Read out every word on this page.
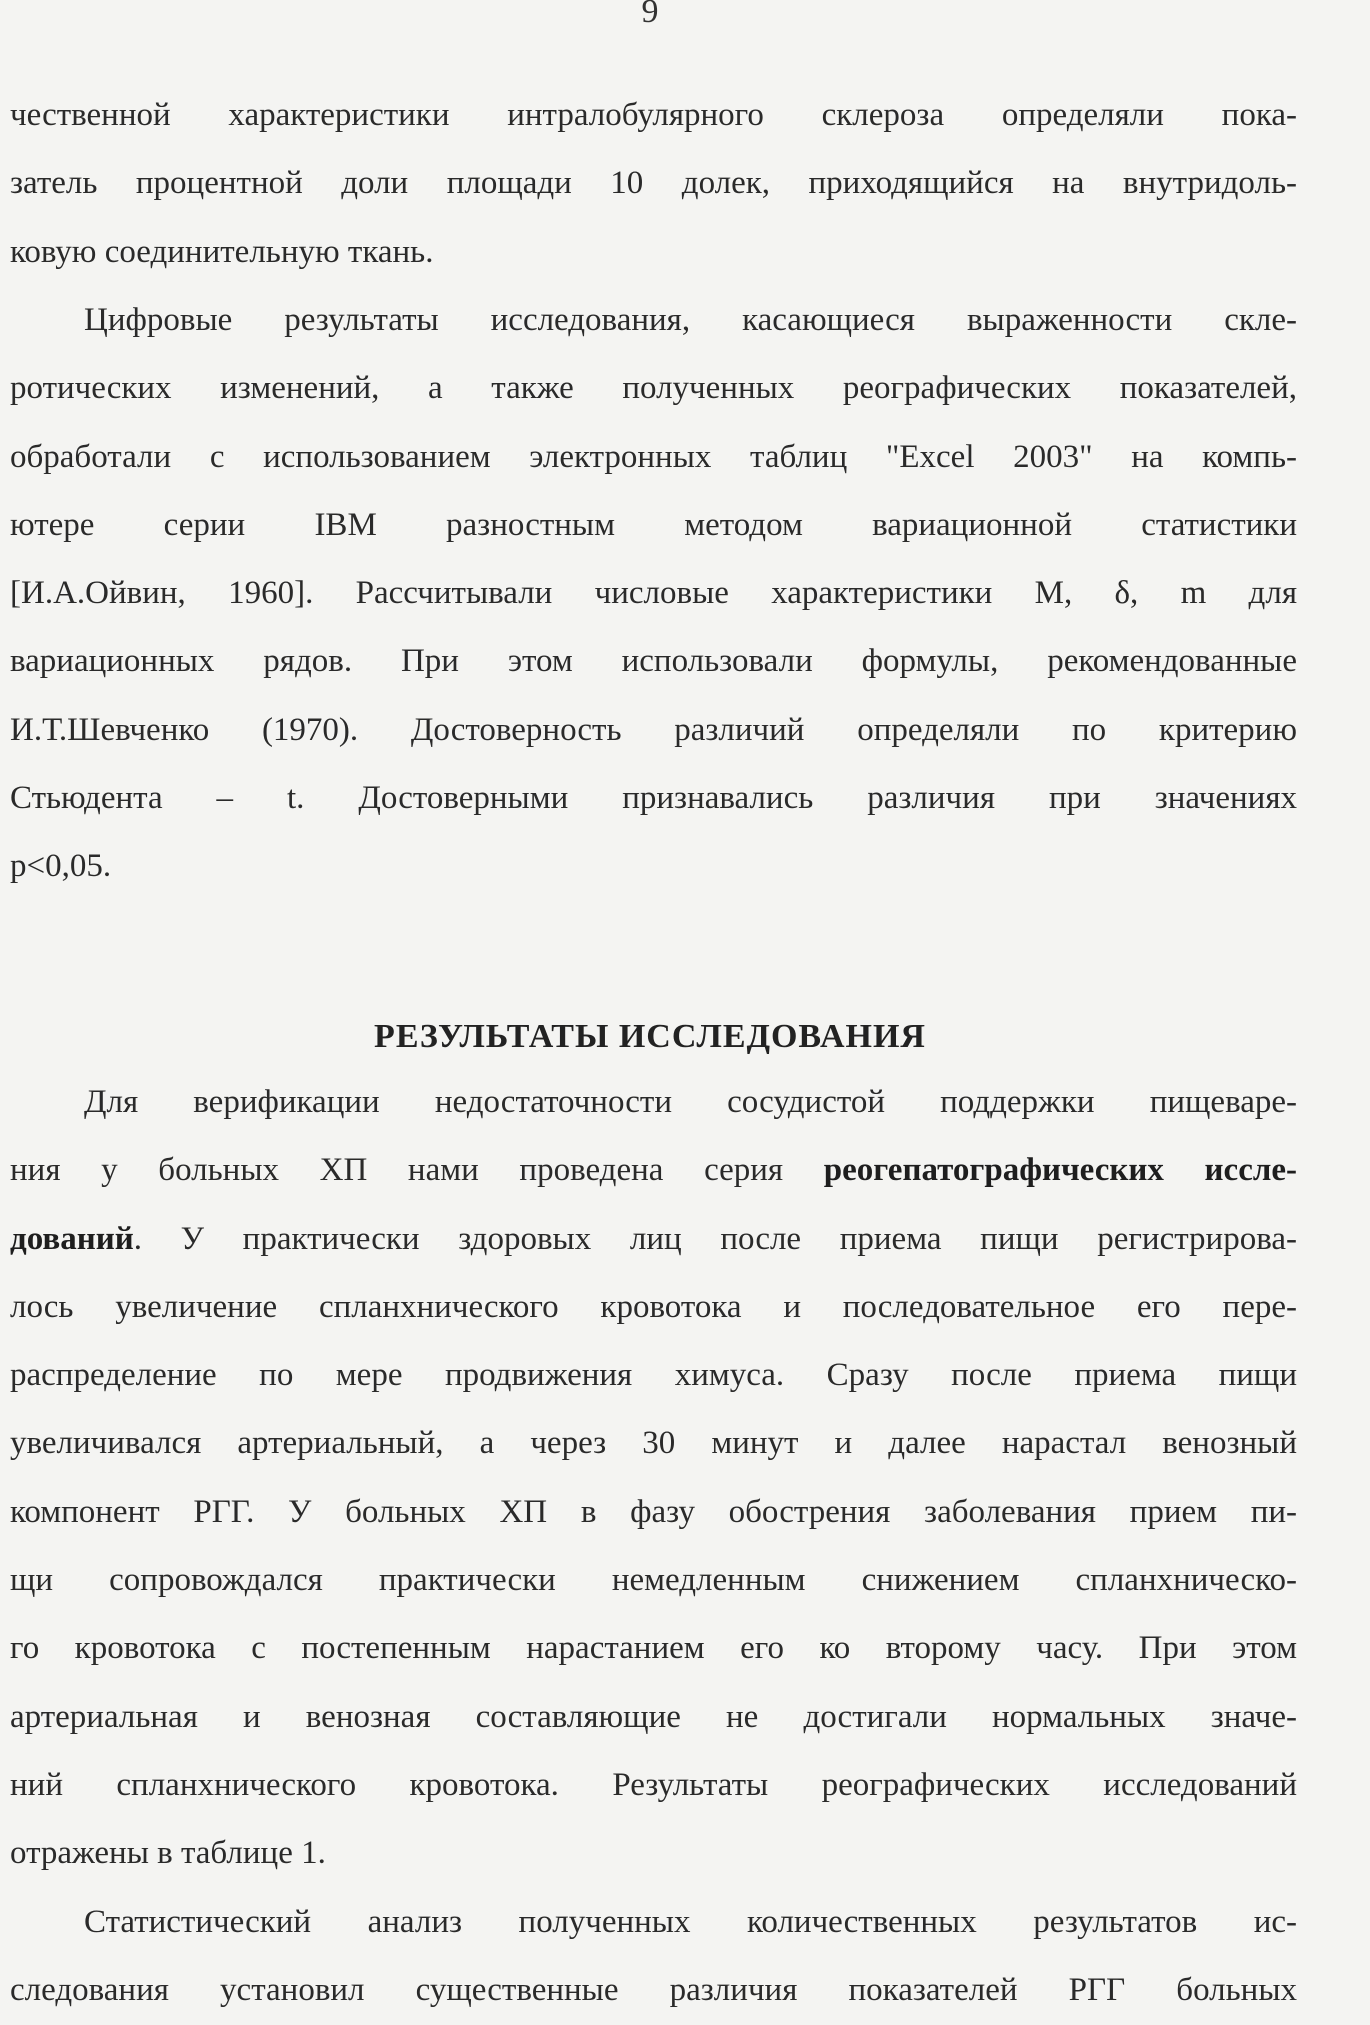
9
чественной характеристики интралобулярного склероза определяли пока-
затель процентной доли площади 10 долек, приходящийся на внутридоль-
ковую соединительную ткань.
Цифровые результаты исследования, касающиеся выраженности скле-
ротических изменений, а также полученных реографических показателей,
обработали с использованием электронных таблиц "Excel 2003" на компь-
ютере серии IBM разностным методом вариационной статистики
[И.А.Ойвин, 1960]. Рассчитывали числовые характеристики M, δ, m для
вариационных рядов. При этом использовали формулы, рекомендованные
И.Т.Шевченко (1970). Достоверность различий определяли по критерию
Стьюдента – t. Достоверными признавались различия при значениях
p<0,05.
РЕЗУЛЬТАТЫ ИССЛЕДОВАНИЯ
Для верификации недостаточности сосудистой поддержки пищеваре-
ния у больных ХП нами проведена серия реогепатографических иссле-
дований. У практически здоровых лиц после приема пищи регистрирова-
лось увеличение спланхнического кровотока и последовательное его пере-
распределение по мере продвижения химуса. Сразу после приема пищи
увеличивался артериальный, а через 30 минут и далее нарастал венозный
компонент РГГ. У больных ХП в фазу обострения заболевания прием пи-
щи сопровождался практически немедленным снижением спланхническо-
го кровотока с постепенным нарастанием его ко второму часу. При этом
артериальная и венозная составляющие не достигали нормальных значе-
ний спланхнического кровотока. Результаты реографических исследований
отражены в таблице 1.
Статистический анализ полученных количественных результатов ис-
следования установил существенные различия показателей РГГ больных
